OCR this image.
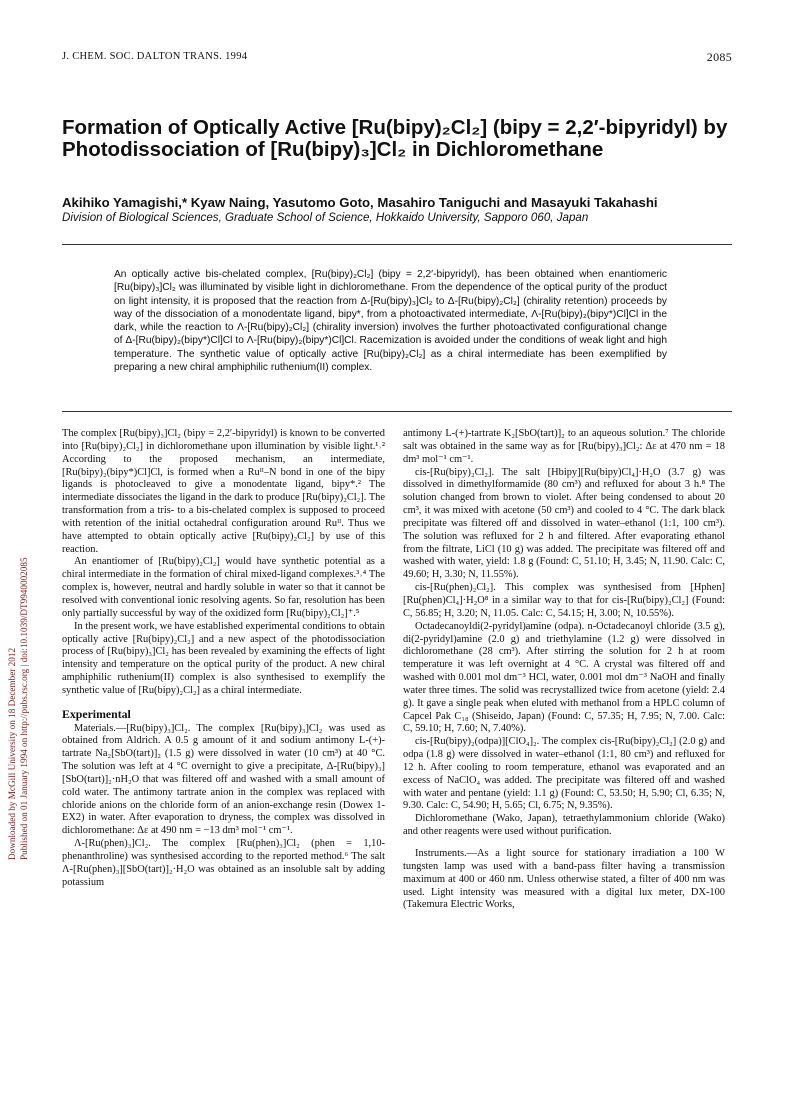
J. CHEM. SOC. DALTON TRANS. 1994	2085
Formation of Optically Active [Ru(bipy)₂Cl₂] (bipy = 2,2′-bipyridyl) by Photodissociation of [Ru(bipy)₃]Cl₂ in Dichloromethane
Akihiko Yamagishi,* Kyaw Naing, Yasutomo Goto, Masahiro Taniguchi and Masayuki Takahashi
Division of Biological Sciences, Graduate School of Science, Hokkaido University, Sapporo 060, Japan
An optically active bis-chelated complex, [Ru(bipy)₂Cl₂] (bipy = 2,2′-bipyridyl), has been obtained when enantiomeric [Ru(bipy)₃]Cl₂ was illuminated by visible light in dichloromethane. From the dependence of the optical purity of the product on light intensity, it is proposed that the reaction from Δ-[Ru(bipy)₃]Cl₂ to Δ-[Ru(bipy)₂Cl₂] (chirality retention) proceeds by way of the dissociation of a monodentate ligand, bipy*, from a photoactivated intermediate, Λ-[Ru(bipy)₂(bipy*)Cl]Cl in the dark, while the reaction to Λ-[Ru(bipy)₂Cl₂] (chirality inversion) involves the further photoactivated configurational change of Δ-[Ru(bipy)₂(bipy*)Cl]Cl to Λ-[Ru(bipy)₂(bipy*)Cl]Cl. Racemization is avoided under the conditions of weak light and high temperature. The synthetic value of optically active [Ru(bipy)₂Cl₂] as a chiral intermediate has been exemplified by preparing a new chiral amphiphilic ruthenium(II) complex.
Downloaded by McGill University on 18 December 2012 Published on 01 January 1994 on http://pubs.rsc.org | doi:10.1039/DT9940002085

The complex [Ru(bipy)₃]Cl₂ (bipy = 2,2′-bipyridyl) is known to be converted into [Ru(bipy)₂Cl₂] in dichloromethane upon illumination by visible light.¹˒² According to the proposed mechanism, an intermediate, [Ru(bipy)₂(bipy*)Cl]Cl, is formed when a Ruᴵᴵ–N bond in one of the bipy ligands is photocleaved to give a monodentate ligand, bipy*.² The intermediate dissociates the ligand in the dark to produce [Ru(bipy)₂Cl₂]. The transformation from a tris- to a bis-chelated complex is supposed to proceed with retention of the initial octahedral configuration around Ruᴵᴵ. Thus we have attempted to obtain optically active [Ru(bipy)₂Cl₂] by use of this reaction.

An enantiomer of [Ru(bipy)₂Cl₂] would have synthetic potential as a chiral intermediate in the formation of chiral mixed-ligand complexes.³˒⁴ The complex is, however, neutral and hardly soluble in water so that it cannot be resolved with conventional ionic resolving agents. So far, resolution has been only partially successful by way of the oxidized form [Ru(bipy)₂Cl₂]⁺.⁵

In the present work, we have established experimental conditions to obtain optically active [Ru(bipy)₂Cl₂] and a new aspect of the photodissociation process of [Ru(bipy)₃]Cl₂ has been revealed by examining the effects of light intensity and temperature on the optical purity of the product. A new chiral amphiphilic ruthenium(II) complex is also synthesised to exemplify the synthetic value of [Ru(bipy)₂Cl₂] as a chiral intermediate.

Experimental

Materials.—[Ru(bipy)₃]Cl₂. The complex [Ru(bipy)₃]Cl₂ was used as obtained from Aldrich. A 0.5 g amount of it and sodium antimony L-(+)-tartrate Na₂[SbO(tart)]₂ (1.5 g) were dissolved in water (10 cm³) at 40 °C. The solution was left at 4 °C overnight to give a precipitate, Δ-[Ru(bipy)₃][SbO(tart)]₂·nH₂O that was filtered off and washed with a small amount of cold water. The antimony tartrate anion in the complex was replaced with chloride anions on the chloride form of an anion-exchange resin (Dowex 1-EX2) in water. After evaporation to dryness, the complex was dissolved in dichloromethane: Δε at 490 nm = −13 dm³ mol⁻¹ cm⁻¹.

Λ-[Ru(phen)₃]Cl₂. The complex [Ru(phen)₃]Cl₂ (phen = 1,10-phenanthroline) was synthesised according to the reported method.⁶ The salt Λ-[Ru(phen)₃][SbO(tart)]₂·H₂O was obtained as an insoluble salt by adding potassium

antimony L-(+)-tartrate K₂[SbO(tart)]₂ to an aqueous solution.⁷ The chloride salt was obtained in the same way as for [Ru(bipy)₃]Cl₂: Δε at 470 nm = 18 dm³ mol⁻¹ cm⁻¹.

cis-[Ru(bipy)₂Cl₂]. The salt [Hbipy][Ru(bipy)Cl₄]·H₂O (3.7 g) was dissolved in dimethylformamide (80 cm³) and refluxed for about 3 h.⁸ The solution changed from brown to violet. After being condensed to about 20 cm³, it was mixed with acetone (50 cm³) and cooled to 4 °C. The dark black precipitate was filtered off and dissolved in water–ethanol (1:1, 100 cm³). The solution was refluxed for 2 h and filtered. After evaporating ethanol from the filtrate, LiCl (10 g) was added. The precipitate was filtered off and washed with water, yield: 1.8 g (Found: C, 51.10; H, 3.45; N, 11.90. Calc: C, 49.60; H, 3.30; N, 11.55%).

cis-[Ru(phen)₂Cl₂]. This complex was synthesised from [Hphen][Ru(phen)Cl₄]·H₂O⁸ in a similar way to that for cis-[Ru(bipy)₂Cl₂] (Found: C, 56.85; H, 3.20; N, 11.05. Calc: C, 54.15; H, 3.00; N, 10.55%).

Octadecanoyldi(2-pyridyl)amine (odpa). n-Octadecanoyl chloride (3.5 g), di(2-pyridyl)amine (2.0 g) and triethylamine (1.2 g) were dissolved in dichloromethane (28 cm³). After stirring the solution for 2 h at room temperature it was left overnight at 4 °C. A crystal was filtered off and washed with 0.001 mol dm⁻³ HCl, water, 0.001 mol dm⁻³ NaOH and finally water three times. The solid was recrystallized twice from acetone (yield: 2.4 g). It gave a single peak when eluted with methanol from a HPLC column of Capcel Pak C₁₈ (Shiseido, Japan) (Found: C, 57.35; H, 7.95; N, 7.00. Calc: C, 59.10; H, 7.60; N, 7.40%).

cis-[Ru(bipy)₂(odpa)][ClO₄]₂. The complex cis-[Ru(bipy)₂Cl₂] (2.0 g) and odpa (1.8 g) were dissolved in water–ethanol (1:1, 80 cm³) and refluxed for 12 h. After cooling to room temperature, ethanol was evaporated and an excess of NaClO₄ was added. The precipitate was filtered off and washed with water and pentane (yield: 1.1 g) (Found: C, 53.50; H, 5.90; Cl, 6.35; N, 9.30. Calc: C, 54.90; H, 5.65; Cl, 6.75; N, 9.35%).

Dichloromethane (Wako, Japan), tetraethylammonium chloride (Wako) and other reagents were used without purification.

Instruments.—As a light source for stationary irradiation a 100 W tungsten lamp was used with a band-pass filter having a transmission maximum at 400 or 460 nm. Unless otherwise stated, a filter of 400 nm was used. Light intensity was measured with a digital lux meter, DX-100 (Takemura Electric Works,
